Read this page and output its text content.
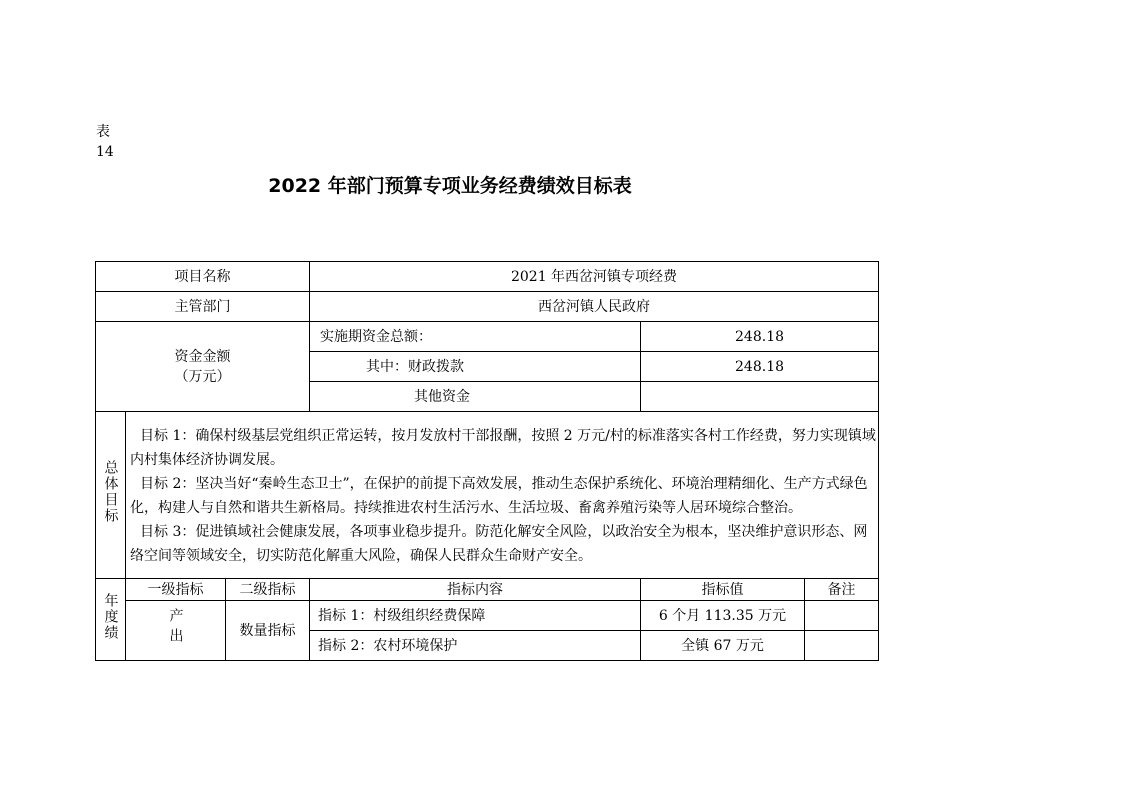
表
14
2022 年部门预算专项业务经费绩效目标表
项目名称			2021 年西岔河镇专项经费		
主管部门			西岔河镇人民政府		

资金金额
（万元）			实施期资金总额：	248.18	
			其中：财政拨款	248.18	
			其他资金		
总体目标	目标 1：确保村级基层党组织正常运转，按月发放村干部报酬，按照 2 万元/村的标准落实各村工作经费，努力实现镇域内村集体经济协调发展。

目标 2：坚决当好“秦岭生态卫士”，在保护的前提下高效发展，推动生态保护系统化、环境治理精细化、生产方式绿色化，构建人与自然和谐共生新格局。持续推进农村生活污水、生活垃圾、畜禽养殖污染等人居环境综合整治。

目标 3：促进镇域社会健康发展，各项事业稳步提升。防范化解安全风险，以政治安全为根本，坚决维护意识形态、网络空间等领域安全，切实防范化解重大风险，确保人民群众生命财产安全。				

年度绩	一级指标	二级指标	指标内容	指标值	备注
	产出	数量指标	指标 1：村级组织经费保障	6 个月 113.35 万元	
			指标 2：农村环境保护	全镇 67 万元	
